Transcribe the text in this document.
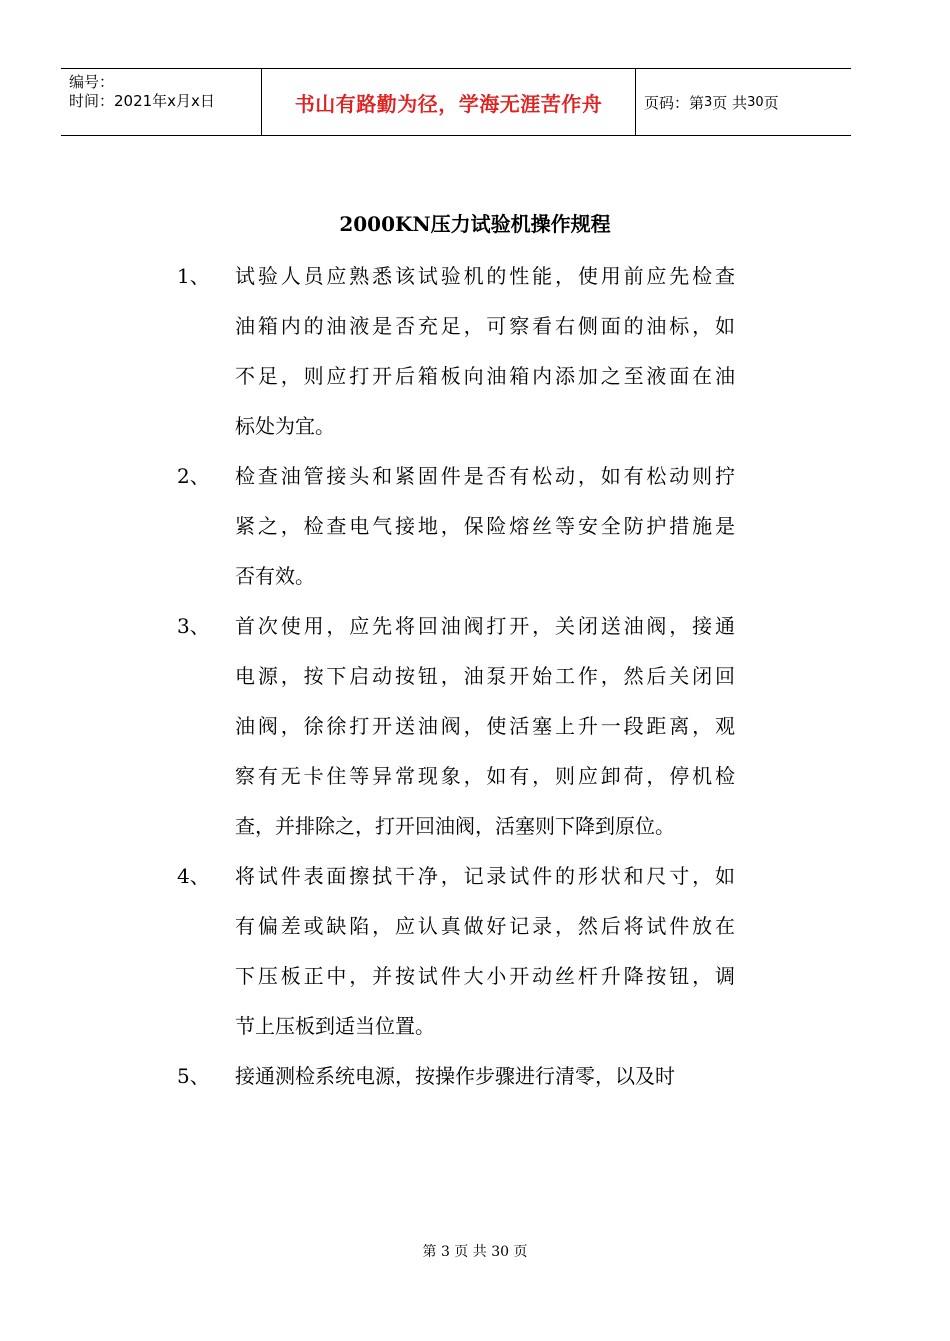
编号：
时间：2021年x月x日	书山有路勤为径，学海无涯苦作舟	页码：第 3 页 共 30 页
2000KN压力试验机操作规程
1、 试验人员应熟悉该试验机的性能，使用前应先检查
油箱内的油液是否充足，可察看右侧面的油标，如
不足，则应打开后箱板向油箱内添加之至液面在油
标处为宜。
2、 检查油管接头和紧固件是否有松动，如有松动则拧
紧之，检查电气接地，保险熔丝等安全防护措施是
否有效。
3、 首次使用，应先将回油阀打开，关闭送油阀，接通
电源，按下启动按钮，油泵开始工作，然后关闭回
油阀，徐徐打开送油阀，使活塞上升一段距离，观
察有无卡住等异常现象，如有，则应卸荷，停机检
查，并排除之，打开回油阀，活塞则下降到原位。
4、 将试件表面擦拭干净，记录试件的形状和尺寸，如
有偏差或缺陷，应认真做好记录，然后将试件放在
下压板正中，并按试件大小开动丝杆升降按钮，调
节上压板到适当位置。
5、 接通测检系统电源，按操作步骤进行清零，以及时
第 3 页 共 30 页
